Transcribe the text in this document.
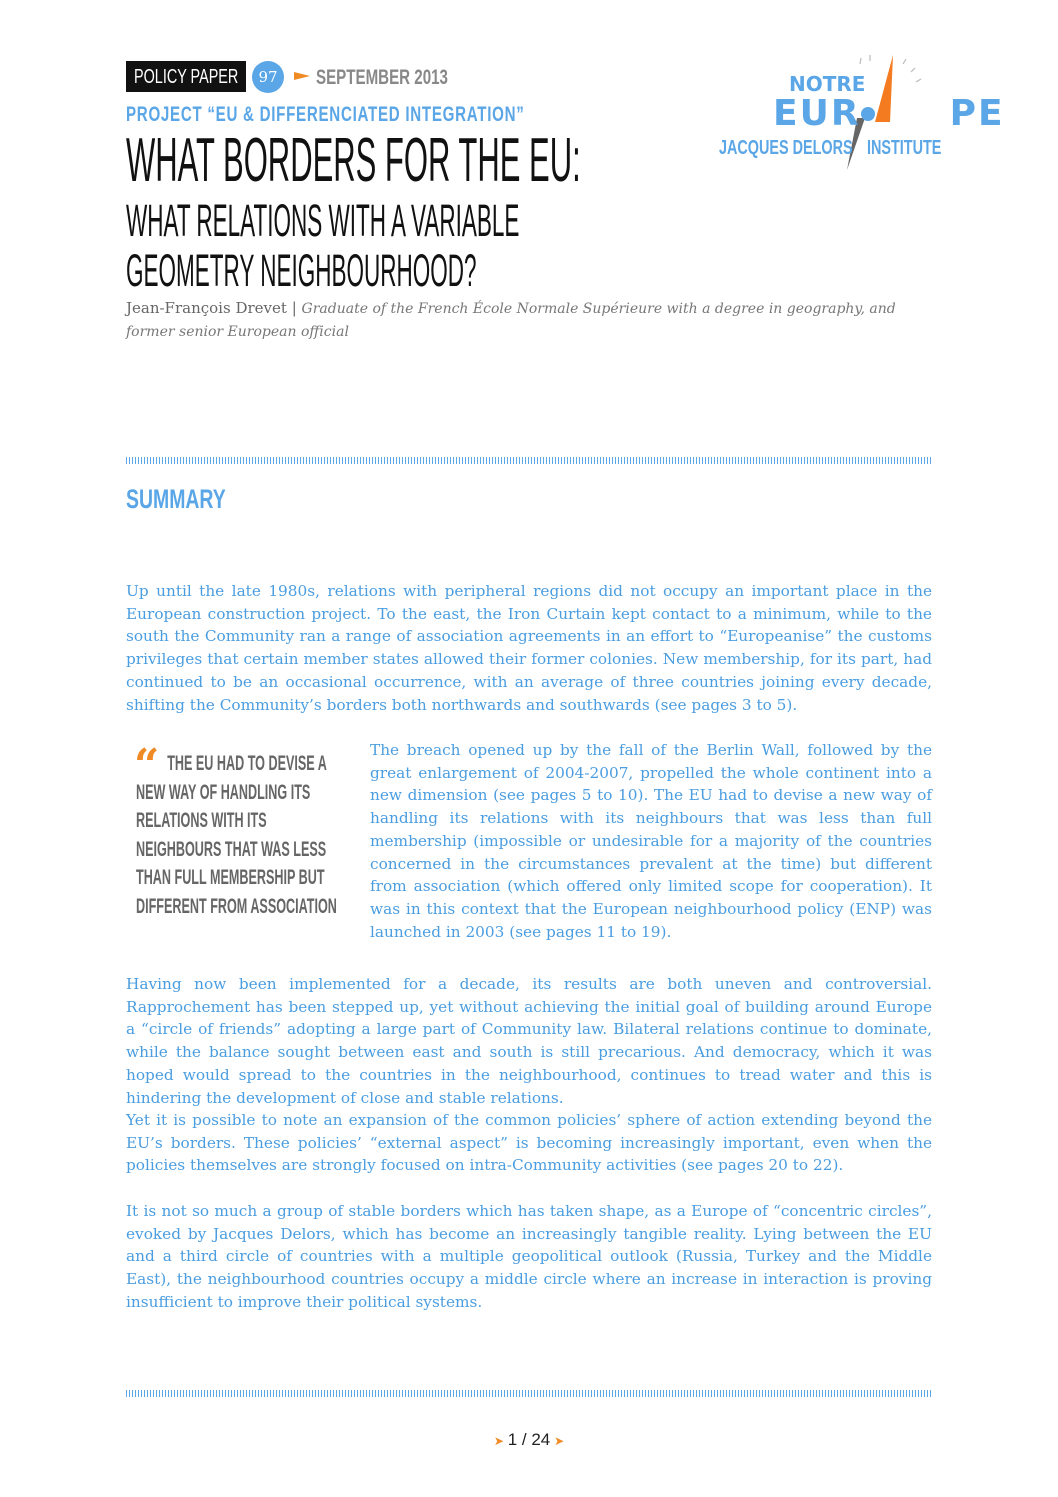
POLICY PAPER	97	SEPTEMBER 2013
PROJECT “EU & DIFFERENCIATED INTEGRATION”
NOTRE
EUR  PE
JACQUES DELORS INSTITUTE
WHAT BORDERS FOR THE EU:
WHAT RELATIONS WITH A VARIABLE
GEOMETRY NEIGHBOURHOOD?
Jean-François Drevet | Graduate of the French École Normale Supérieure with a degree in geography, and former senior European official
SUMMARY
Up until the late 1980s, relations with peripheral regions did not occupy an important place in the European construction project. To the east, the Iron Curtain kept contact to a minimum, while to the south the Community ran a range of association agreements in an effort to “Europeanise” the customs privileges that certain member states allowed their former colonies. New membership, for its part, had continued to be an occasional occurrence, with an average of three countries joining every decade, shifting the Community’s borders both northwards and southwards (see pages 3 to 5).
“ THE EU HAD TO DEVISE A NEW WAY OF HANDLING ITS RELATIONS WITH ITS NEIGHBOURS THAT WAS LESS THAN FULL MEMBERSHIP BUT DIFFERENT FROM ASSOCIATION
The breach opened up by the fall of the Berlin Wall, followed by the great enlargement of 2004-2007, propelled the whole continent into a new dimension (see pages 5 to 10). The EU had to devise a new way of handling its relations with its neighbours that was less than full membership (impossible or undesirable for a majority of the countries concerned in the circumstances prevalent at the time) but different from association (which offered only limited scope for cooperation). It was in this context that the European neighbourhood policy (ENP) was launched in 2003 (see pages 11 to 19).
Having now been implemented for a decade, its results are both uneven and controversial. Rapprochement has been stepped up, yet without achieving the initial goal of building around Europe a “circle of friends” adopting a large part of Community law. Bilateral relations continue to dominate, while the balance sought between east and south is still precarious. And democracy, which it was hoped would spread to the countries in the neighbourhood, continues to tread water and this is hindering the development of close and stable relations.
Yet it is possible to note an expansion of the common policies’ sphere of action extending beyond the EU’s borders. These policies’ “external aspect” is becoming increasingly important, even when the policies themselves are strongly focused on intra-Community activities (see pages 20 to 22).
It is not so much a group of stable borders which has taken shape, as a Europe of “concentric circles”, evoked by Jacques Delors, which has become an increasingly tangible reality. Lying between the EU and a third circle of countries with a multiple geopolitical outlook (Russia, Turkey and the Middle East), the neighbourhood countries occupy a middle circle where an increase in interaction is proving insufficient to improve their political systems.
➤ 1 / 24 ➤
